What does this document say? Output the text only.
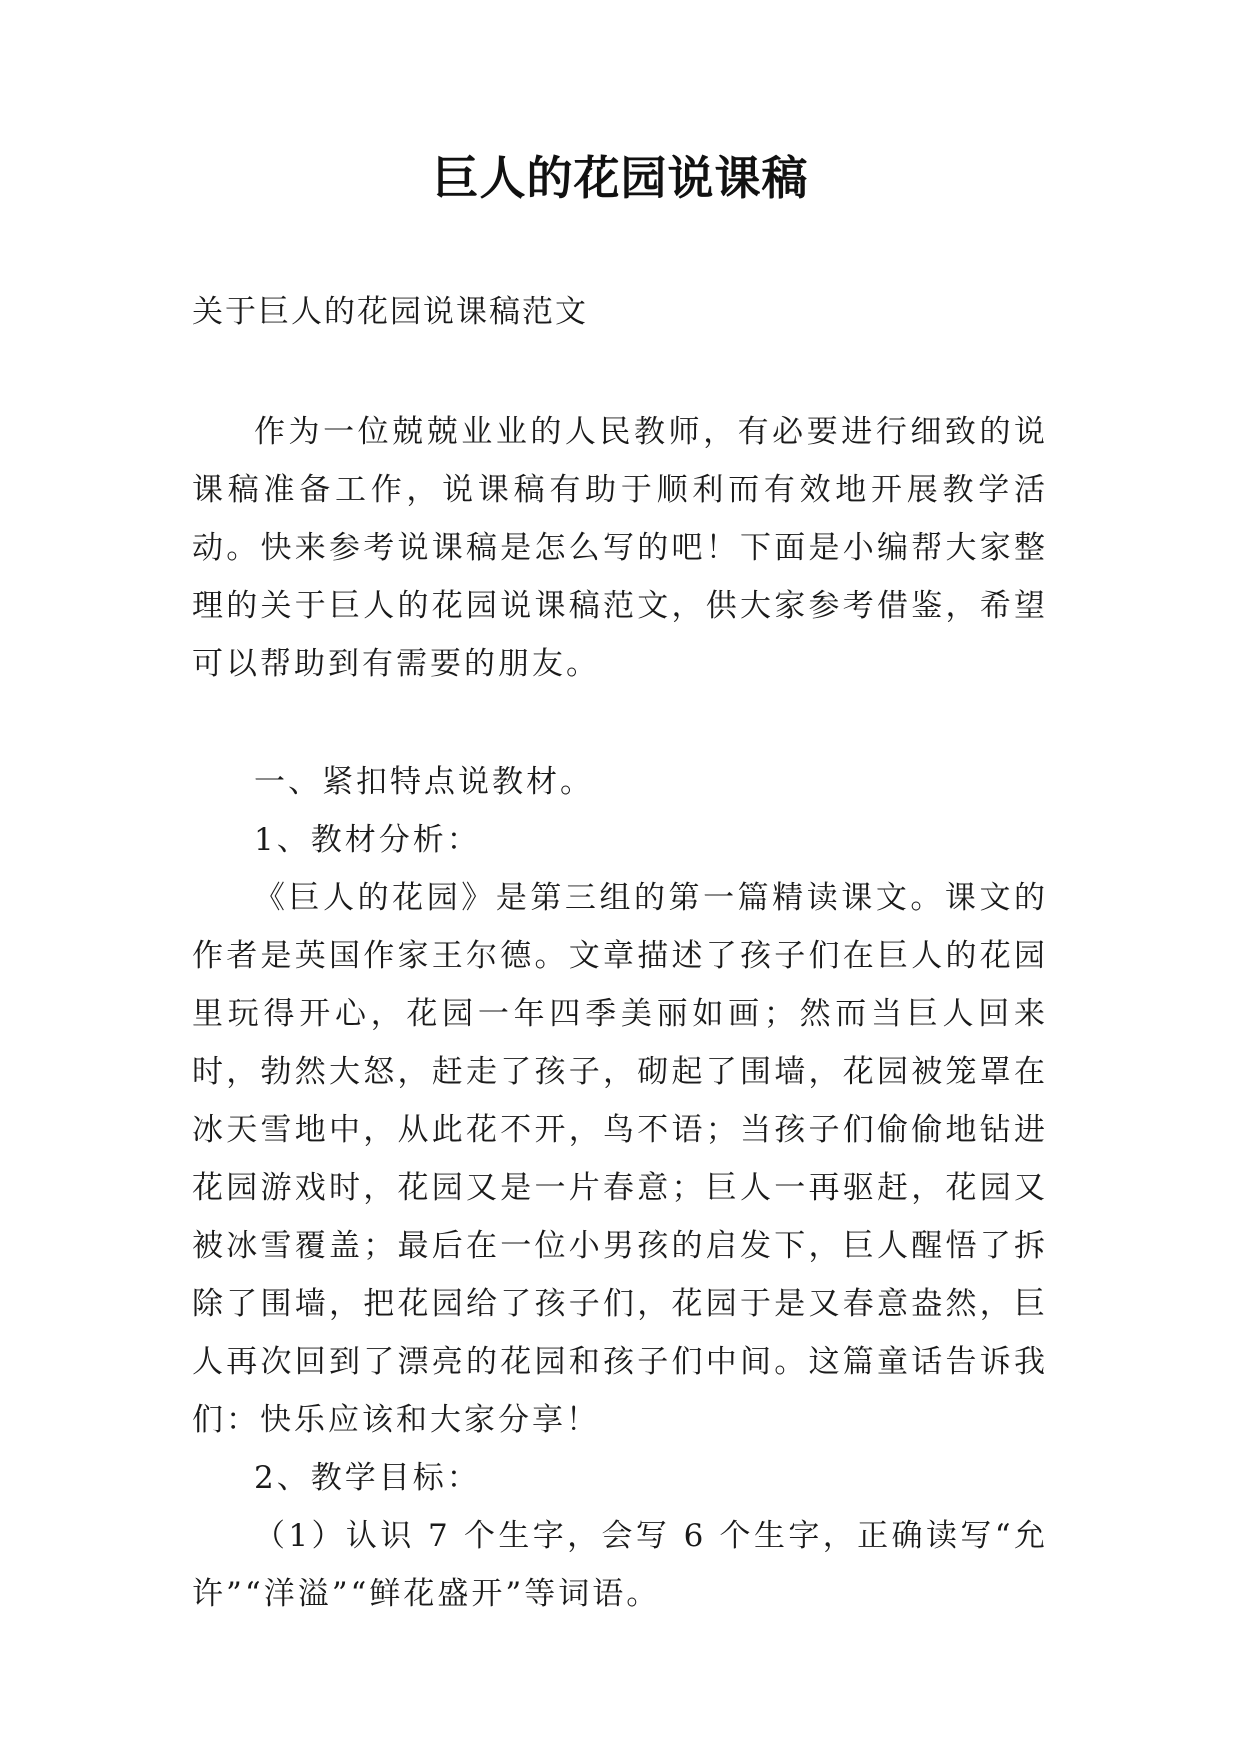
巨人的花园说课稿
关于巨人的花园说课稿范文

作为一位兢兢业业的人民教师，有必要进行细致的说课稿准备工作，说课稿有助于顺利而有效地开展教学活动。快来参考说课稿是怎么写的吧！下面是小编帮大家整理的关于巨人的花园说课稿范文，供大家参考借鉴，希望可以帮助到有需要的朋友。

一、紧扣特点说教材。

1、教材分析：

《巨人的花园》是第三组的第一篇精读课文。课文的作者是英国作家王尔德。文章描述了孩子们在巨人的花园里玩得开心，花园一年四季美丽如画；然而当巨人回来时，勃然大怒，赶走了孩子，砌起了围墙，花园被笼罩在冰天雪地中，从此花不开，鸟不语；当孩子们偷偷地钻进花园游戏时，花园又是一片春意；巨人一再驱赶，花园又被冰雪覆盖；最后在一位小男孩的启发下，巨人醒悟了拆除了围墙，把花园给了孩子们，花园于是又春意盎然，巨人再次回到了漂亮的花园和孩子们中间。这篇童话告诉我们：快乐应该和大家分享！

2、教学目标：

（1）认识 7 个生字，会写 6 个生字，正确读写“允许”“洋溢”“鲜花盛开”等词语。
